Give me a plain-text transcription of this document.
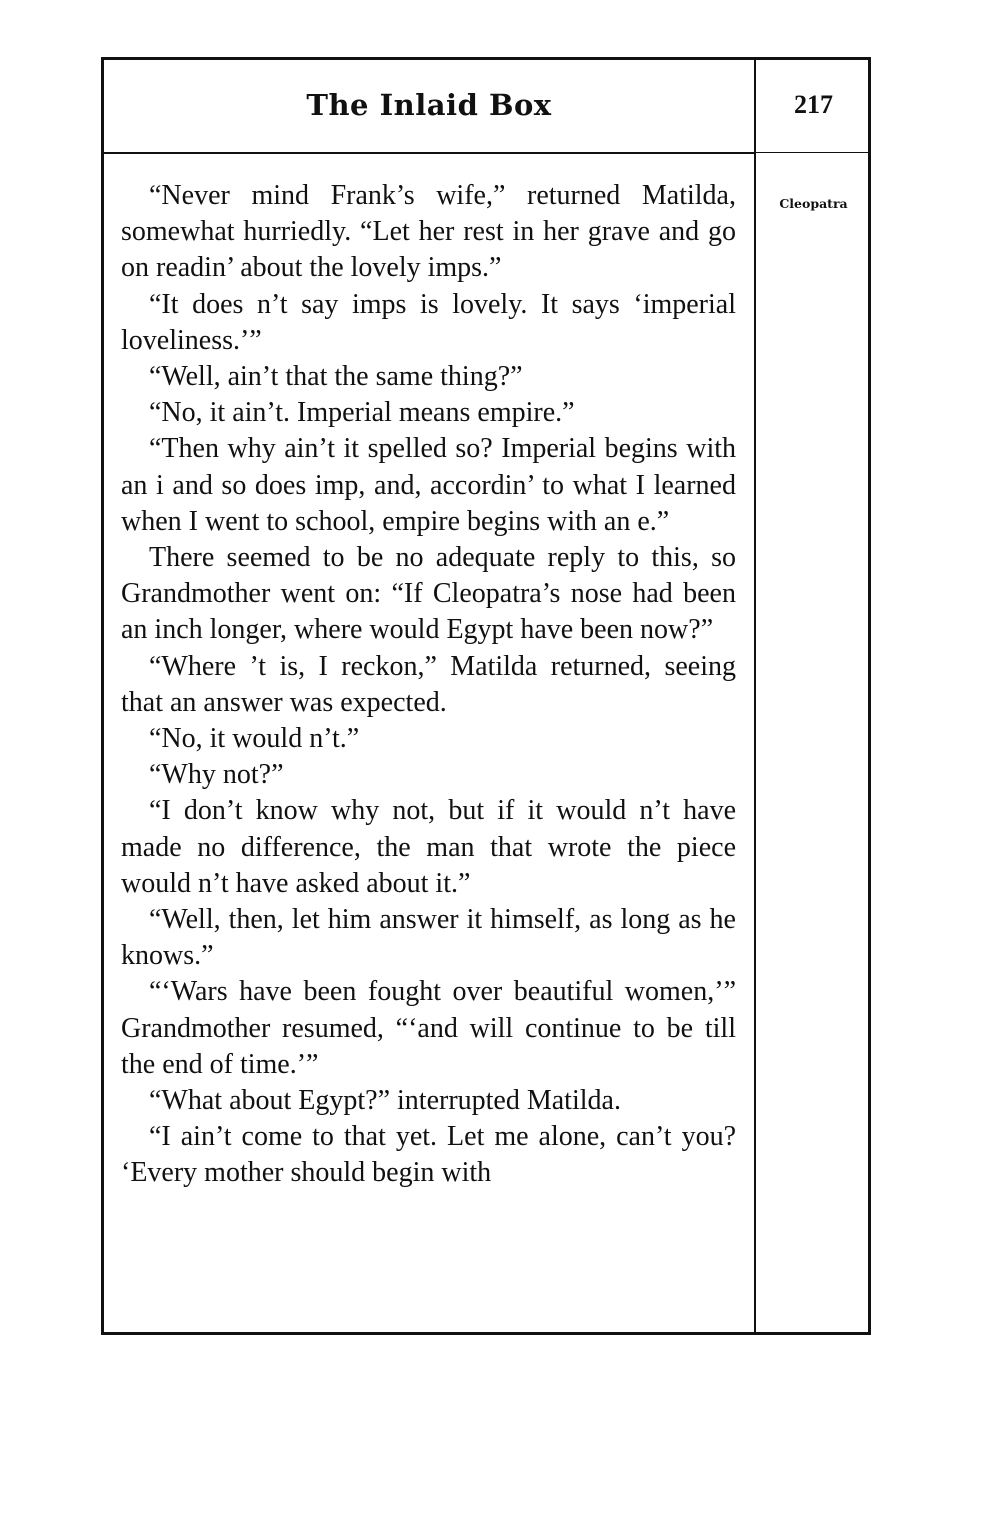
The Inlaid Box	217
Cleopatra

“Never mind Frank’s wife,” returned Matilda, somewhat hurriedly. “Let her rest in her grave and go on readin’ about the lovely imps.”

“It does n’t say imps is lovely. It says ‘imperial loveliness.’”

“Well, ain’t that the same thing?”

“No, it ain’t. Imperial means empire.”

“Then why ain’t it spelled so? Imperial begins with an i and so does imp, and, accordin’ to what I learned when I went to school, empire begins with an e.”

There seemed to be no adequate reply to this, so Grandmother went on: “If Cleopatra’s nose had been an inch longer, where would Egypt have been now?”

“Where ’t is, I reckon,” Matilda returned, seeing that an answer was expected.

“No, it would n’t.”

“Why not?”

“I don’t know why not, but if it would n’t have made no difference, the man that wrote the piece would n’t have asked about it.”

“Well, then, let him answer it himself, as long as he knows.”

“‘Wars have been fought over beautiful women,’” Grandmother resumed, “‘and will continue to be till the end of time.’”

“What about Egypt?” interrupted Matilda.

“I ain’t come to that yet. Let me alone, can’t you? ‘Every mother should begin with
